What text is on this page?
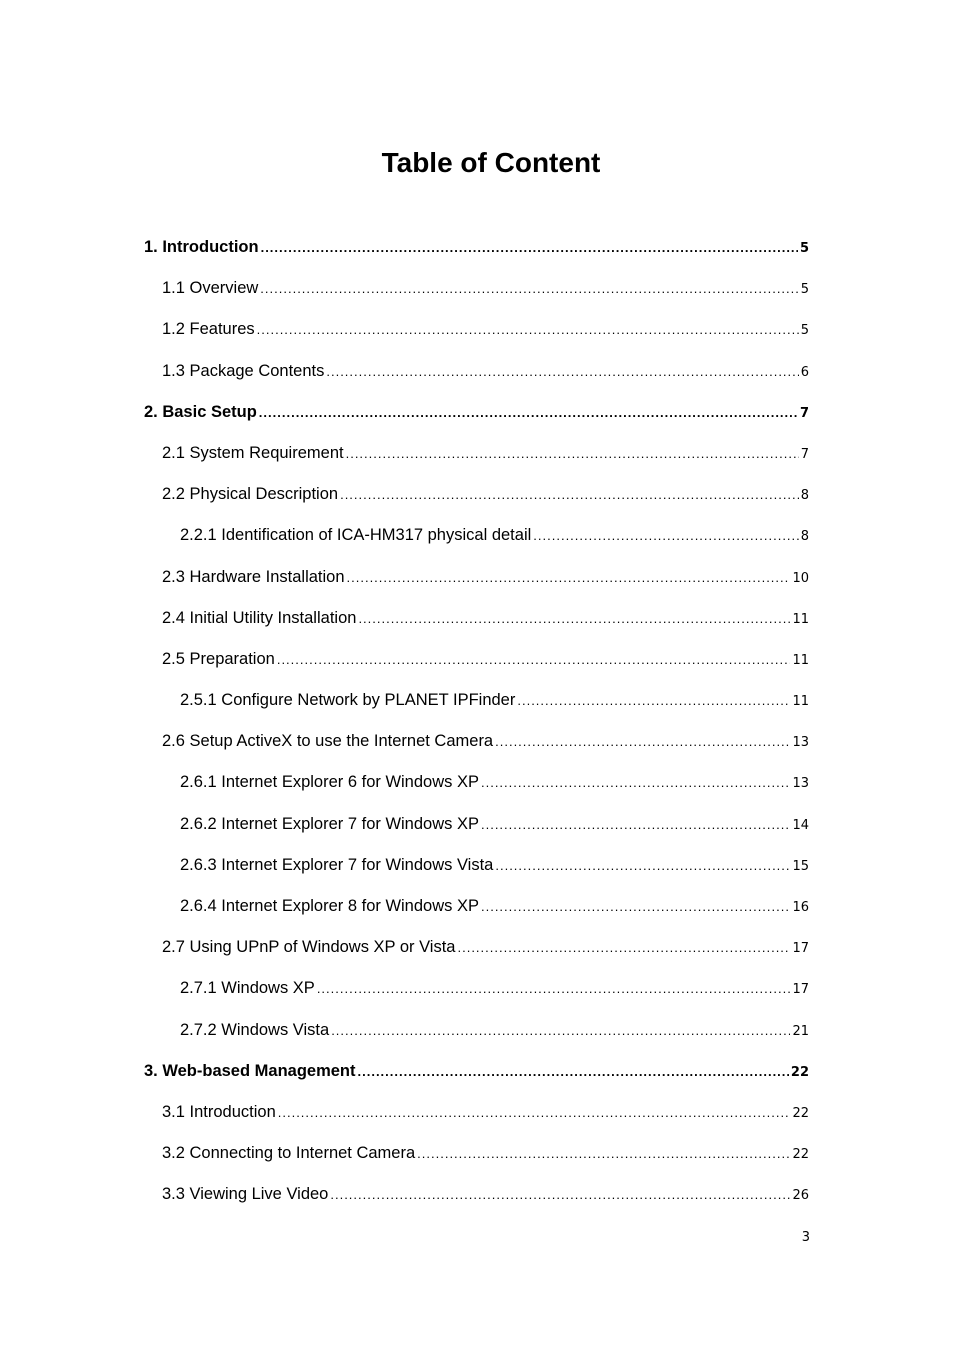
Table of Content
1. Introduction .....	5
1.1 Overview .....	5
1.2 Features .....	5
1.3 Package Contents .....	6
2. Basic Setup .....	7
2.1 System Requirement .....	7
2.2 Physical Description .....	8
2.2.1 Identification of ICA-HM317 physical detail .....	8
2.3 Hardware Installation .....	10
2.4 Initial Utility Installation .....	11
2.5 Preparation .....	11
2.5.1 Configure Network by PLANET IPFinder .....	11
2.6 Setup ActiveX to use the Internet Camera .....	13
2.6.1 Internet Explorer 6 for Windows XP .....	13
2.6.2 Internet Explorer 7 for Windows XP .....	14
2.6.3 Internet Explorer 7 for Windows Vista .....	15
2.6.4 Internet Explorer 8 for Windows XP .....	16
2.7 Using UPnP of Windows XP or Vista .....	17
2.7.1 Windows XP .....	17
2.7.2 Windows Vista .....	21
3. Web-based Management .....	22
3.1 Introduction .....	22
3.2 Connecting to Internet Camera .....	22
3.3 Viewing Live Video .....	26
3
